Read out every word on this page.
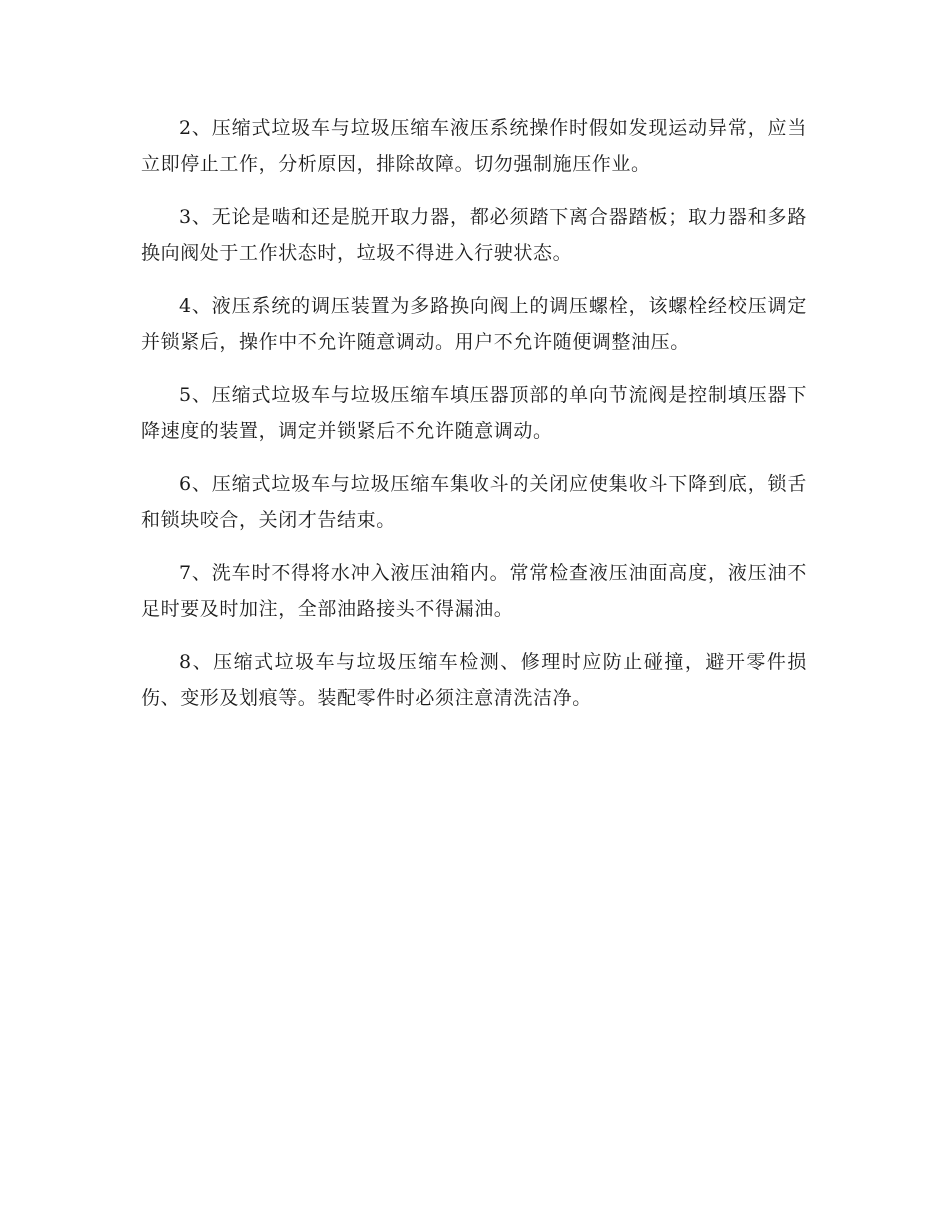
2、压缩式垃圾车与垃圾压缩车液压系统操作时假如发现运动异常，应当立即停止工作，分析原因，排除故障。切勿强制施压作业。

3、无论是啮和还是脱开取力器，都必须踏下离合器踏板；取力器和多路换向阀处于工作状态时，垃圾不得进入行驶状态。

4、液压系统的调压装置为多路换向阀上的调压螺栓，该螺栓经校压调定并锁紧后，操作中不允许随意调动。用户不允许随便调整油压。

5、压缩式垃圾车与垃圾压缩车填压器顶部的单向节流阀是控制填压器下降速度的装置，调定并锁紧后不允许随意调动。

6、压缩式垃圾车与垃圾压缩车集收斗的关闭应使集收斗下降到底，锁舌和锁块咬合，关闭才告结束。

7、洗车时不得将水冲入液压油箱内。常常检查液压油面高度，液压油不足时要及时加注，全部油路接头不得漏油。

8、压缩式垃圾车与垃圾压缩车检测、修理时应防止碰撞，避开零件损伤、变形及划痕等。装配零件时必须注意清洗洁净。
